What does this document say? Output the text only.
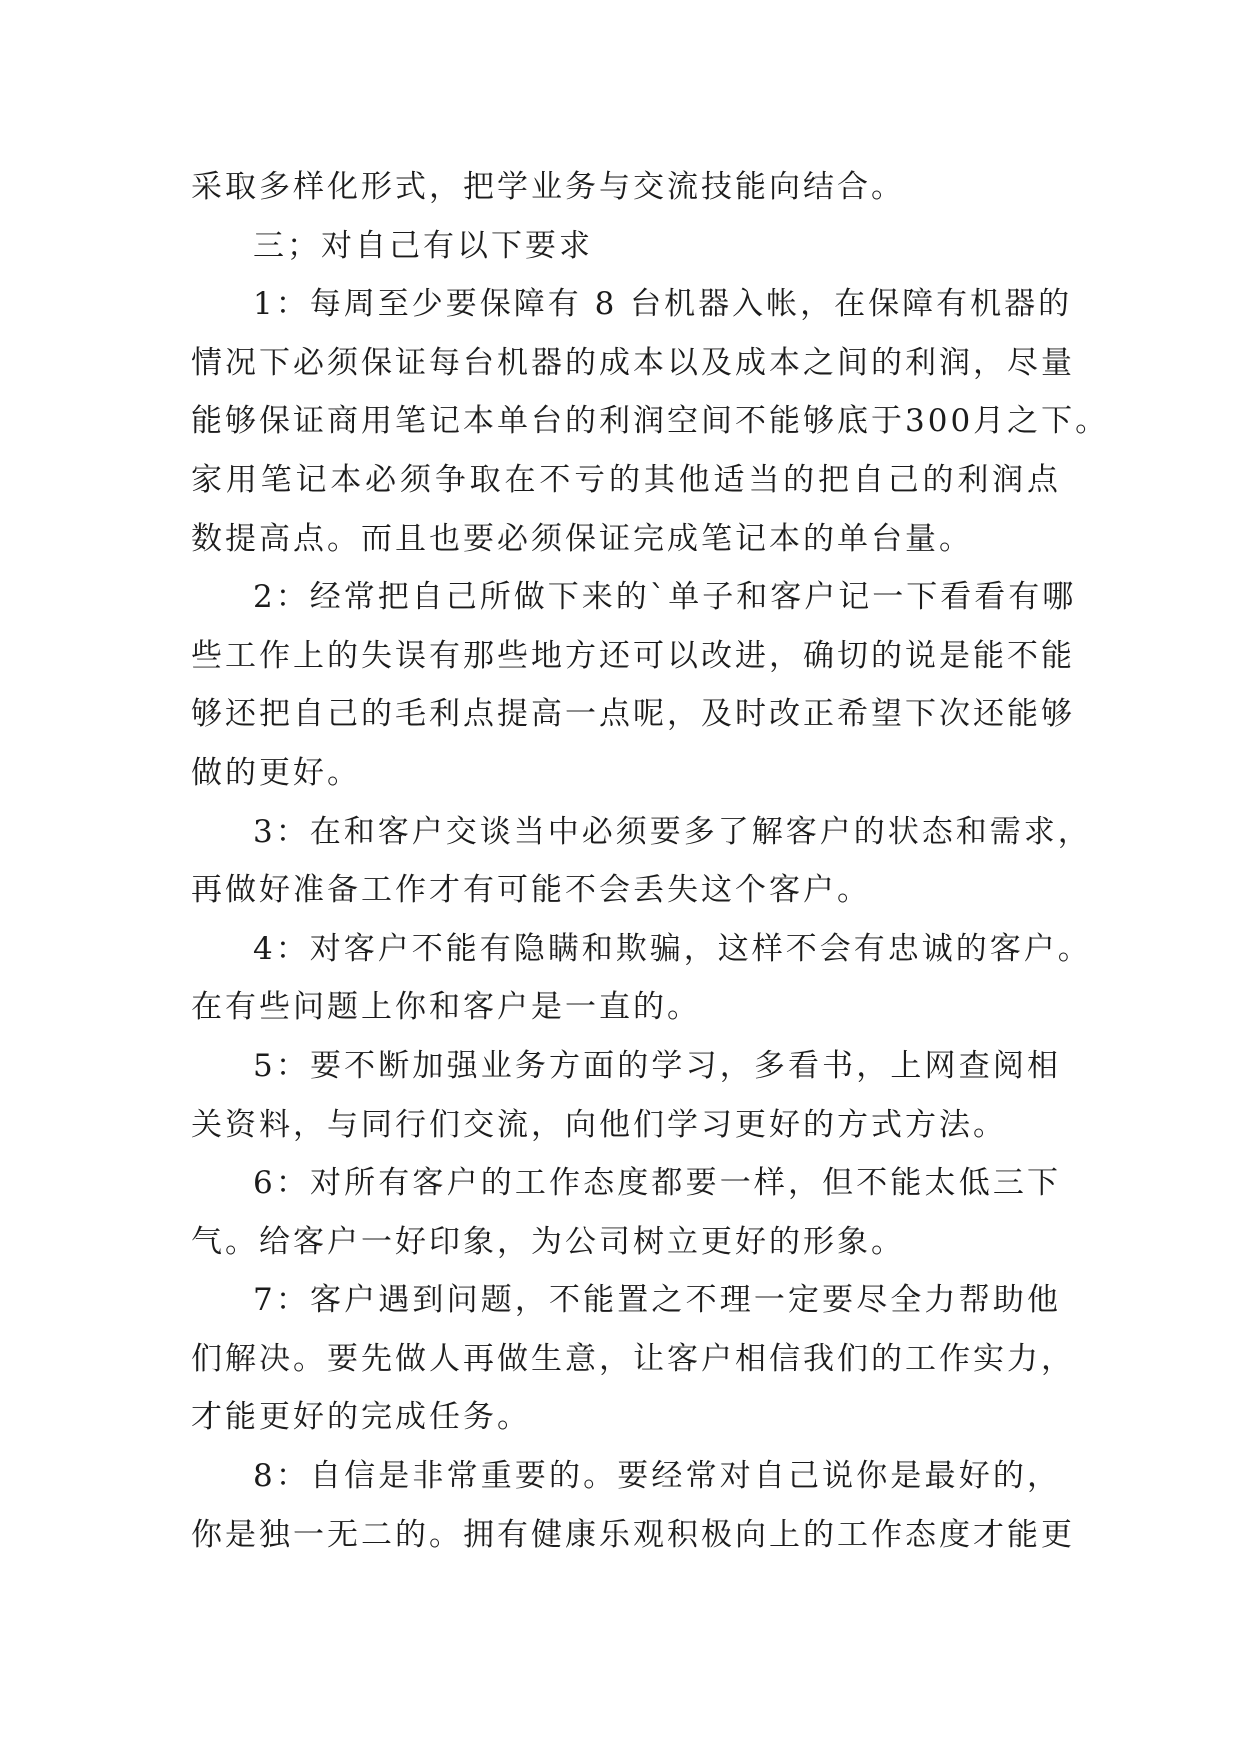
采取多样化形式，把学业务与交流技能向结合。

三；对自己有以下要求

1：每周至少要保障有 8 台机器入帐，在保障有机器的

情况下必须保证每台机器的成本以及成本之间的利润，尽量

能够保证商用笔记本单台的利润空间不能够底于300月之下。

家用笔记本必须争取在不亏的其他适当的把自己的利润点

数提高点。而且也要必须保证完成笔记本的单台量。

2：经常把自己所做下来的`单子和客户记一下看看有哪

些工作上的失误有那些地方还可以改进，确切的说是能不能

够还把自己的毛利点提高一点呢，及时改正希望下次还能够

做的更好。

3：在和客户交谈当中必须要多了解客户的状态和需求，

再做好准备工作才有可能不会丢失这个客户。

4：对客户不能有隐瞒和欺骗，这样不会有忠诚的客户。

在有些问题上你和客户是一直的。

5：要不断加强业务方面的学习，多看书，上网查阅相

关资料，与同行们交流，向他们学习更好的方式方法。

6：对所有客户的工作态度都要一样，但不能太低三下

气。给客户一好印象，为公司树立更好的形象。

7：客户遇到问题，不能置之不理一定要尽全力帮助他

们解决。要先做人再做生意，让客户相信我们的工作实力，

才能更好的完成任务。

8：自信是非常重要的。要经常对自己说你是最好的，

你是独一无二的。拥有健康乐观积极向上的工作态度才能更
